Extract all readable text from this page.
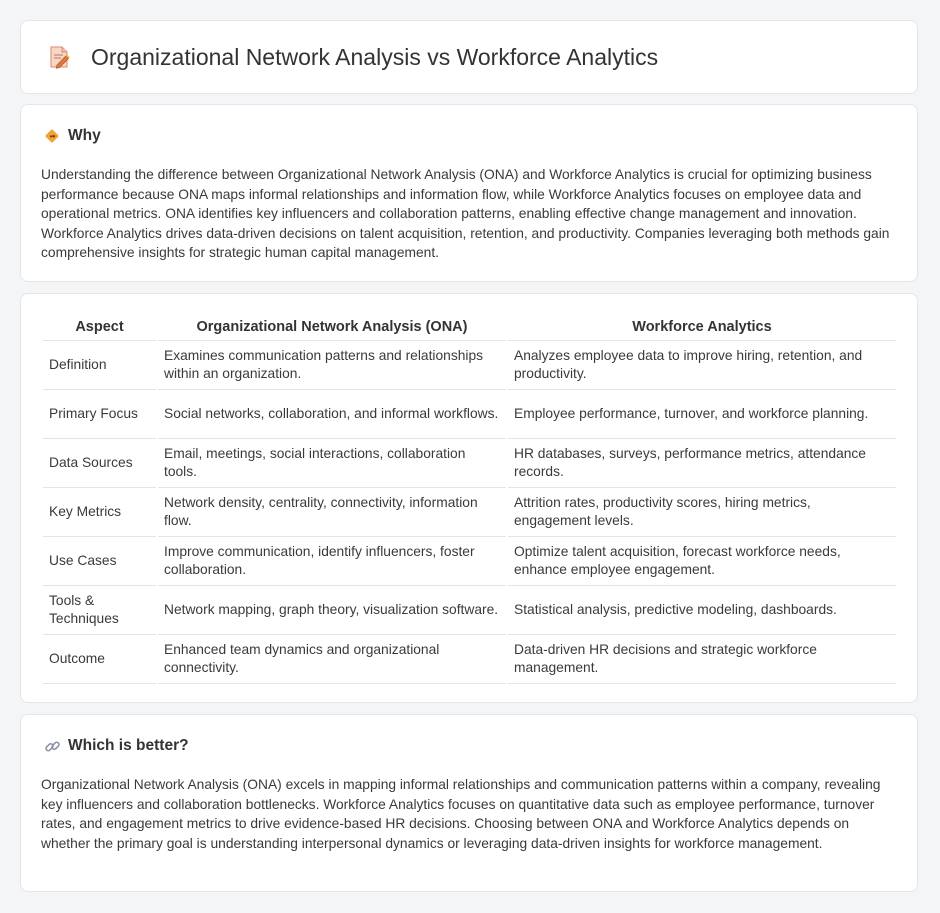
Organizational Network Analysis vs Workforce Analytics
Why
Understanding the difference between Organizational Network Analysis (ONA) and Workforce Analytics is crucial for optimizing business performance because ONA maps informal relationships and information flow, while Workforce Analytics focuses on employee data and operational metrics. ONA identifies key influencers and collaboration patterns, enabling effective change management and innovation. Workforce Analytics drives data-driven decisions on talent acquisition, retention, and productivity. Companies leveraging both methods gain comprehensive insights for strategic human capital management.
Aspect	Organizational Network Analysis (ONA)	Workforce Analytics
Definition	Examines communication patterns and relationships within an organization.	Analyzes employee data to improve hiring, retention, and productivity.
Primary Focus	Social networks, collaboration, and informal workflows.	Employee performance, turnover, and workforce planning.
Data Sources	Email, meetings, social interactions, collaboration tools.	HR databases, surveys, performance metrics, attendance records.
Key Metrics	Network density, centrality, connectivity, information flow.	Attrition rates, productivity scores, hiring metrics, engagement levels.
Use Cases	Improve communication, identify influencers, foster collaboration.	Optimize talent acquisition, forecast workforce needs, enhance employee engagement.
Tools & Techniques	Network mapping, graph theory, visualization software.	Statistical analysis, predictive modeling, dashboards.
Outcome	Enhanced team dynamics and organizational connectivity.	Data-driven HR decisions and strategic workforce management.
Which is better?
Organizational Network Analysis (ONA) excels in mapping informal relationships and communication patterns within a company, revealing key influencers and collaboration bottlenecks. Workforce Analytics focuses on quantitative data such as employee performance, turnover rates, and engagement metrics to drive evidence-based HR decisions. Choosing between ONA and Workforce Analytics depends on whether the primary goal is understanding interpersonal dynamics or leveraging data-driven insights for workforce management.
